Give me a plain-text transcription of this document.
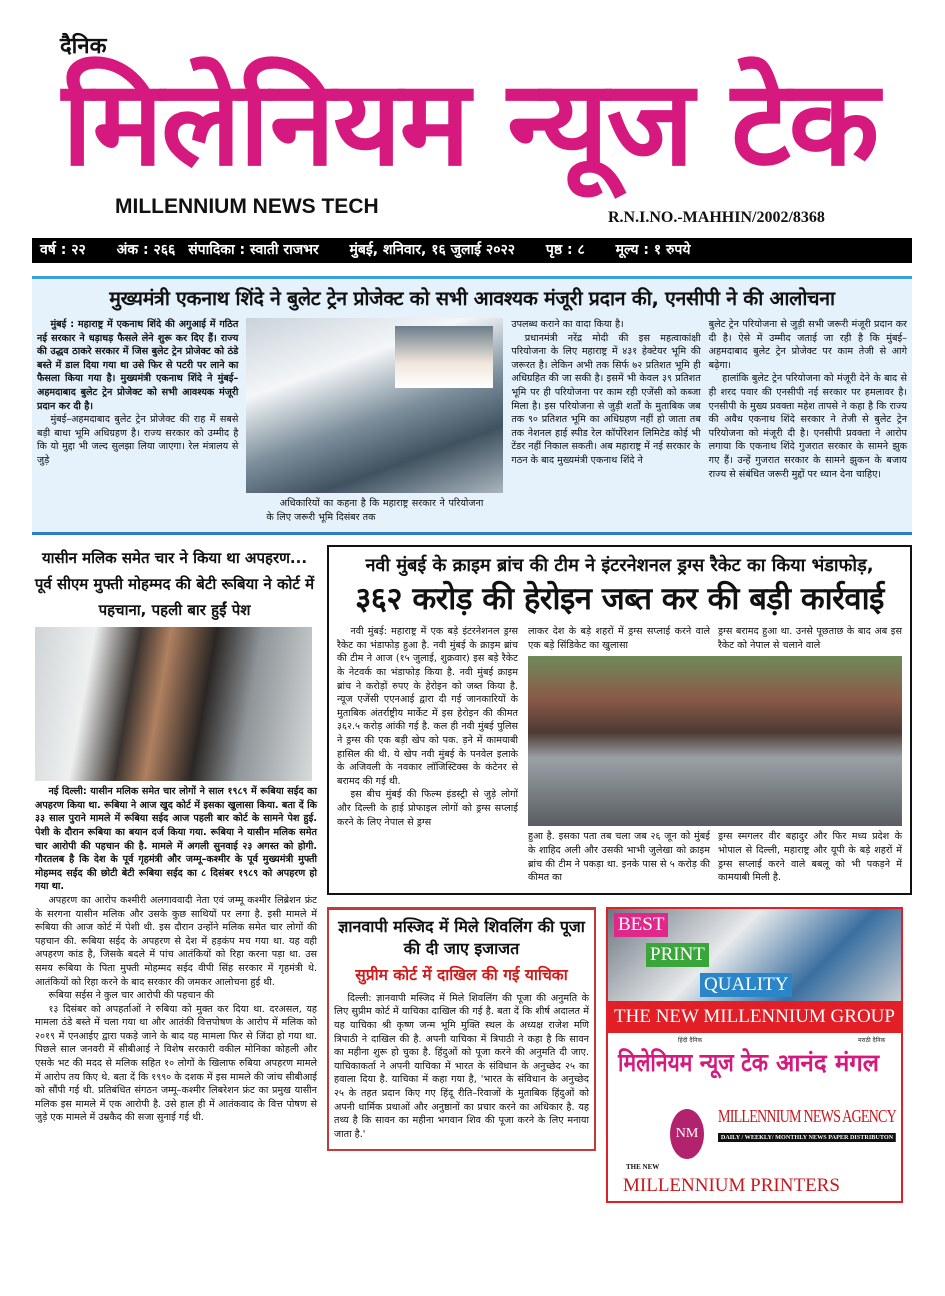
दैनिक
मिलेनियम न्यूज टेक
MILLENNIUM NEWS TECH	R.N.I.NO.-MAHHIN/2002/8368
वर्ष : २२ अंक : २६६ संपादिका : स्वाती राजभर मुंबई, शनिवार, १६ जुलाई २०२२ पृष्ठ : ८ मूल्य : १ रुपये
मुख्यमंत्री एकनाथ शिंदे ने बुलेट ट्रेन प्रोजेक्ट को सभी आवश्यक मंजूरी प्रदान की, एनसीपी ने की आलोचना

मुंबई : महाराष्ट्र में एकनाथ शिंदे की अगुआई में गठित नई सरकार ने धड़ाधड़ फैसले लेने शुरू कर दिए हैं। राज्य की उद्धव ठाकरे सरकार में जिस बुलेट ट्रेन प्रोजेक्ट को ठंडे बस्ते में डाल दिया गया था उसे फिर से पटरी पर लाने का फैसला किया गया है। मुख्यमंत्री एकनाथ शिंदे ने मुंबई–अहमदाबाद बुलेट ट्रेन प्रोजेक्ट को सभी आवश्यक मंजूरी प्रदान कर दी है।

मुंबई–अहमदाबाद बुलेट ट्रेन प्रोजेक्ट की राह में सबसे बड़ी बाधा भूमि अधिग्रहण है। राज्य सरकार को उम्मीद है कि यो मुद्दा भी जल्द सुलझा लिया जाएगा। रेल मंत्रालय से जुड़े

अधिकारियों का कहना है कि महाराष्ट्र सरकार ने परियोजना के लिए जरूरी भूमि दिसंबर तक

उपलब्ध कराने का वादा किया है।

प्रधानमंत्री नरेंद्र मोदी की इस महत्वाकांक्षी परियोजना के लिए महाराष्ट्र में ४३१ हेक्टेयर भूमि की जरूरत है। लेकिन अभी तक सिर्फ ७२ प्रतिशत भूमि ही अधिग्रहित की जा सकी है। इसमें भी केवल ३९ प्रतिशत भूमि पर ही परियोजना पर काम रही एजेंसी को कब्जा मिला है। इस परियोजना से जुड़ी शर्तों के मुताबिक जब तक ९० प्रतिशत भूमि का अधिग्रहण नहीं हो जाता तब तक नेशनल हाई स्पीड रेल कॉर्पोरेशन लिमिटेड कोई भी टेंडर नहीं निकाल सकती। अब महाराष्ट्र में नई सरकार के गठन के बाद मुख्यमंत्री एकनाथ शिंदे ने

बुलेट ट्रेन परियोजना से जुड़ी सभी जरूरी मंजूरी प्रदान कर दी है। ऐसे में उम्मीद जताई जा रही है कि मुंबई–अहमदाबाद बुलेट ट्रेन प्रोजेक्ट पर काम तेजी से आगे बढ़ेगा।

हालांकि बुलेट ट्रेन परियोजना को मंजूरी देने के बाद से ही शरद पवार की एनसीपी नई सरकार पर हमलावर है। एनसीपी के मुख्य प्रवक्ता महेश तापसे ने कहा है कि राज्य की अवैध एकनाथ शिंदे सरकार ने तेजी से बुलेट ट्रेन परियोजना को मंजूरी दी है। एनसीपी प्रवक्ता ने आरोप लगाया कि एकनाथ शिंदे गुजरात सरकार के सामने झुक गए हैं। उन्हें गुजरात सरकार के सामने झुकन के बजाय राज्य से संबंधित जरूरी मुद्दों पर ध्यान देना चाहिए।

यासीन मलिक समेत चार ने किया था अपहरण... पूर्व सीएम मुफ्ती मोहम्मद की बेटी रूबिया ने कोर्ट में पहचाना, पहली बार हुईं पेश

नई दिल्ली: यासीन मलिक समेत चार लोगों ने साल १९८९ में रूबिया सईद का अपहरण किया था. रूबिया ने आज खुद कोर्ट में इसका खुलासा किया. बता दें कि ३३ साल पुराने मामले में रूबिया सईद आज पहली बार कोर्ट के सामने पेश हुई. पेशी के दौरान रूबिया का बयान दर्ज किया गया. रूबिया ने यासीन मलिक समेत चार आरोपी की पहचान की है. मामले में अगली सुनवाई २३ अगस्त को होगी. गौरतलब है कि देश के पूर्व गृहमंत्री और जम्मू–कश्मीर के पूर्व मुख्यमंत्री मुफ्ती मोहम्मद सईद की छोटी बेटी रूबिया सईद का ८ दिसंबर १९८९ को अपहरण हो गया था.

अपहरण का आरोप कश्मीरी अलगाववादी नेता एवं जम्मू कश्मीर लिब्रेशन फ्रंट के सरगना यासीन मलिक और उसके कुछ साथियों पर लगा है. इसी मामले में रूबिया की आज कोर्ट में पेशी थी. इस दौरान उन्होंने मलिक समेत चार लोगों की पहचान की. रूबिया सईद के अपहरण से देश में हड़कंप मच गया था. यह वही अपहरण कांड है, जिसके बदले में पांच आतंकियों को रिहा करना पड़ा था. उस समय रूबिया के पिता मुफ्ती मोहम्मद सईद वीपी सिंह सरकार में गृहमंत्री थे. आतंकियों को रिहा करने के बाद सरकार की जमकर आलोचना हुई थी.

रूबिया सईस ने कुल चार आरोपी की पहचान की

१३ दिसंबर को अपहर्ताओं ने रुबिया को मुक्त कर दिया था. दरअसल, यह मामला ठंडे बस्ते में चला गया था और आतंकी वित्तपोषण के आरोप में मलिक को २०१९ में एनआईए द्वारा पकड़े जाने के बाद यह मामला फिर से जिंदा हो गया था. पिछले साल जनवरी में सीबीआई ने विशेष सरकारी वकील मोनिका कोहली और एसके भट की मदद से मलिक सहित १० लोगों के खिलाफ रुबिया अपहरण मामले में आरोप तय किए थे. बता दें कि १९९० के दशक में इस मामले की जांच सीबीआई को सौंपी गई थी. प्रतिबंधित संगठन जम्मू–कश्मीर लिबरेशन फ्रंट का प्रमुख यासीन मलिक इस मामले में एक आरोपी है. उसे हाल ही में आतंकवाद के वित्त पोषण से जुड़े एक मामले में उम्रकैद की सजा सुनाई गई थी.

नवी मुंबई के क्राइम ब्रांच की टीम ने इंटरनेशनल ड्रग्स रैकेट का किया भंडाफोड़,
३६२ करोड़ की हेरोइन जब्त कर की बड़ी कार्रवाई

नवी मुंबई: महाराष्ट्र में एक बड़े इंटरनेशनल ड्रग्स रैकेट का भंडाफोड़ हुआ है. नवी मुंबई के क्राइम ब्रांच की टीम ने आज (१५ जुलाई, शुक्रवार) इस बड़े रैकेट के नेटवर्क का भंडाफोड़ किया है. नवी मुंबई क्राइम ब्रांच ने करोड़ों रुपए के हेरोइन को जब्त किया है. न्यूज एजेंसी एएनआई द्वारा दी गई जानकारियों के मुताबिक अंतर्राष्ट्रीय मार्केट में इस हेरोइन की कीमत ३६२.५ करोड़ आंकी गई है. कल ही नवी मुंबई पुलिस ने ड्रग्स की एक बड़ी खेप को पक. ड़ने में कामयाबी हासिल की थी. ये खेप नवी मुंबई के पनवेल इलाके के अजिवली के नवकार लॉजिस्टिक्स के कंटेनर से बरामद की गई थी.

इस बीच मुंबई की फिल्म इंडस्ट्री से जुड़े लोगों और दिल्ली के हाई प्रोफाइल लोगों को ड्रग्स सप्लाई करने के लिए नेपाल से ड्रग्स

लाकर देश के बड़े शहरों में ड्रग्स सप्लाई करने वाले एक बड़े सिंडिकेट का खुलासा

ड्रग्स बरामद हुआ था. उनसे पूछताछ के बाद अब इस रैकेट को नेपाल से चलाने वाले

हुआ है. इसका पता तब चला जब २६ जून को मुंबई के शाहिद अली और उसकी भाभी जुलेखा को क्राइम ब्रांच की टीम ने पकड़ा था. इनके पास से ५ करोड़ की कीमत का

ड्रग्स स्मगलर वीर बहादुर और फिर मध्य प्रदेश के भोपाल से दिल्ली, महाराष्ट्र और यूपी के बड़े शहरों में ड्रग्स सप्लाई करने वाले बबलू को भी पकड़ने में कामयाबी मिली है.

ज्ञानवापी मस्जिद में मिले शिवलिंग की पूजा की दी जाए इजाजत
सुप्रीम कोर्ट में दाखिल की गई याचिका

दिल्ली: ज्ञानवापी मस्जिद में मिले शिवलिंग की पूजा की अनुमति के लिए सुप्रीम कोर्ट में याचिका दाखिल की गई है. बता दें कि शीर्ष अदालत में यह याचिका श्री कृष्ण जन्म भूमि मुक्ति स्थल के अध्यक्ष राजेश मणि त्रिपाठी ने दाखिल की है. अपनी याचिका में त्रिपाठी ने कहा है कि सावन का महीना शुरू हो चुका है. हिंदुओं को पूजा करने की अनुमति दी जाए. याचिकाकर्ता ने अपनी याचिका में भारत के संविधान के अनुच्छेद २५ का हवाला दिया है. याचिका में कहा गया है, 'भारत के संविधान के अनुच्छेद २५ के तहत प्रदान किए गए हिंदू रीति–रिवाजों के मुताबिक हिंदुओं को अपनी धार्मिक प्रथाओं और अनुष्ठानों का प्रचार करने का अधिकार है. यह तथ्य है कि सावन का महीना भगवान शिव की पूजा करने के लिए मनाया जाता है.'

BEST
PRINT
QUALITY
THE NEW MILLENNIUM GROUP
हिंदी दैनिक
मिलेनियम न्यूज टेक
मराठी दैनिक
आनंद मंगल
MILLENNIUM NEWS AGENCY
DAILY / WEEKLY/ MONTHLY NEWS PAPER DISTRIBUTON
NM
THE NEW
MILLENNIUM PRINTERS
